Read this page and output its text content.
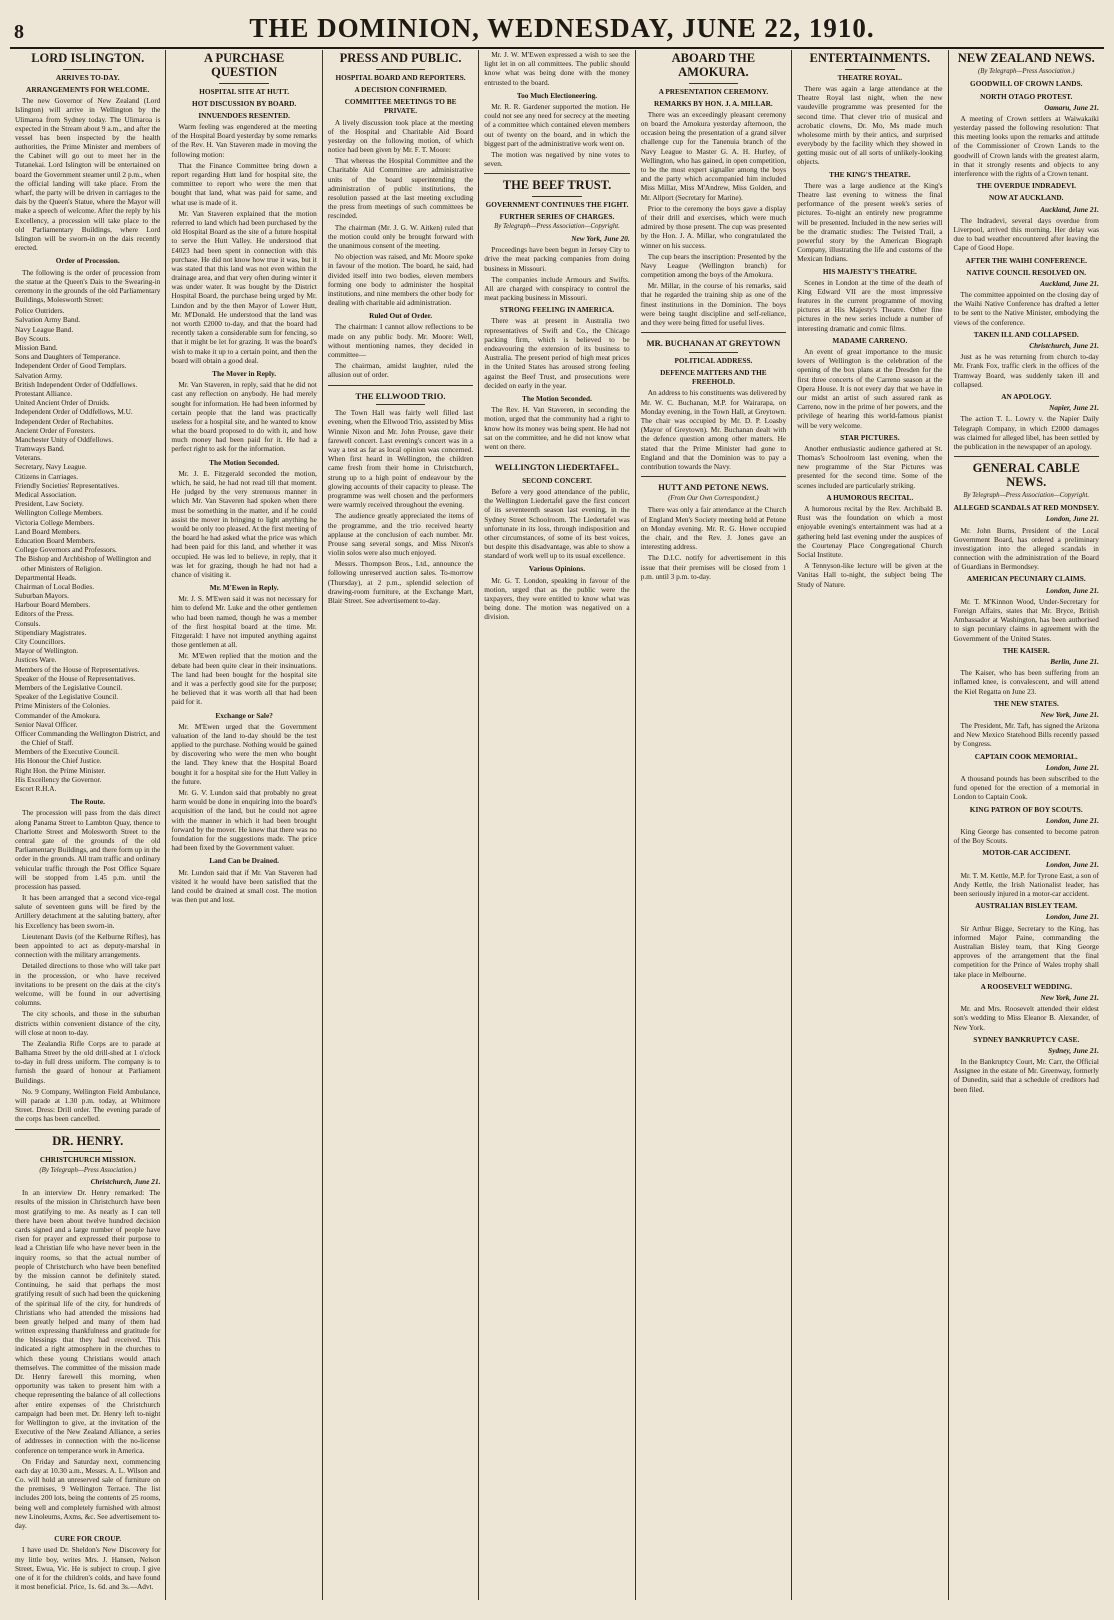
8	THE DOMINION, WEDNESDAY, JUNE 22, 1910.
LORD ISLINGTON.
ARRIVES TO-DAY.
ARRANGEMENTS FOR WELCOME.

The new Governor of New Zealand (Lord Islington) will arrive in Wellington by the Ulimaroa from Sydney today. The Ulimaroa is expected in the Stream about 9 a.m., and after the vessel has been inspected by the health authorities, the Prime Minister and members of the Cabinet will go out to meet her in the Tutanekai. Lord Islington will be entertained on board the Government steamer until 2 p.m., when the official landing will take place. From the wharf, the party will be driven in carriages to the dais by the Queen's Statue, where the Mayor will make a speech of welcome. After the reply by his Excellency, a procession will take place to the old Parliamentary Buildings, where Lord Islington will be sworn-in on the dais recently erected.

Order of Procession.

The following is the order of procession from the statue at the Queen's Dais to the Swearing-in ceremony in the grounds of the old Parliamentary Buildings, Molesworth Street:

Police Outriders.
Salvation Army Band.
Navy League Band.
Boy Scouts.
Mission Band.
Sons and Daughters of Temperance.
Independent Order of Good Templars.
Salvation Army.
British Independent Order of Oddfellows.
Protestant Alliance.
United Ancient Order of Druids.
Independent Order of Oddfellows, M.U.
Independent Order of Rechabites.
Ancient Order of Foresters.
Manchester Unity of Oddfellows.
Tramways Band.
Veterans.
Secretary, Navy League.
Citizens in Carriages.
Friendly Societies' Representatives.
Medical Association.
President, Law Society.
Wellington College Members.
Victoria College Members.
Land Board Members.
Education Board Members.
College Governors and Professors.
The Bishop and Archbishop of Wellington and other Ministers of Religion.
Departmental Heads.
Chairman of Local Bodies.
Suburban Mayors.
Harbour Board Members.
Editors of the Press.
Consuls.
Stipendiary Magistrates.
City Councillors.
Mayor of Wellington.
Justices Ware.
Members of the House of Representatives.
Speaker of the House of Representatives.
Members of the Legislative Council.
Speaker of the Legislative Council.
Prime Ministers of the Colonies.
Commander of the Amokura.
Senior Naval Officer.
Officer Commanding the Wellington District, and the Chief of Staff.
Members of the Executive Council.
His Honour the Chief Justice.
Right Hon. the Prime Minister.
His Excellency the Governor.
Escort R.H.A.
The Route.

The procession will pass from the dais direct along Panama Street to Lambton Quay, thence to Charlotte Street and Molesworth Street to the central gate of the grounds of the old Parliamentary Buildings, and there form up in the order in the grounds. All tram traffic and ordinary vehicular traffic through the Post Office Square will be stopped from 1.45 p.m. until the procession has passed.

It has been arranged that a second vice-regal salute of seventeen guns will be fired by the Artillery detachment at the saluting battery, after his Excellency has been sworn-in.

Lieutenant Davis (of the Kelburne Rifles), has been appointed to act as deputy-marshal in connection with the military arrangements.

Detailed directions to those who will take part in the procession, or who have received invitations to be present on the dais at the city's welcome, will be found in our advertising columns.

The city schools, and those in the suburban districts within convenient distance of the city, will close at noon to-day.

The Zealandia Rifle Corps are to parade at Balhama Street by the old drill-shed at 1 o'clock to-day in full dress uniform. The company is to furnish the guard of honour at Parliament Buildings.

No. 9 Company, Wellington Field Ambulance, will parade at 1.30 p.m. today, at Whitmore Street. Dress: Drill order. The evening parade of the corps has been cancelled.

DR. HENRY.
CHRISTCHURCH MISSION.
(By Telegraph—Press Association.)
Christchurch, June 21.

In an interview Dr. Henry remarked: The results of the mission in Christchurch have been most gratifying to me. As nearly as I can tell there have been about twelve hundred decision cards signed and a large number of people have risen for prayer and expressed their purpose to lead a Christian life who have never been in the inquiry rooms, so that the actual number of people of Christchurch who have been benefited by the mission cannot be definitely stated. Continuing, he said that perhaps the most gratifying result of such had been the quickening of the spiritual life of the city, for hundreds of Christians who had attended the missions had been greatly helped and many of them had written expressing thankfulness and gratitude for the blessings that they had received. This indicated a right atmosphere in the churches to which these young Christians would attach themselves. The committee of the mission made Dr. Henry farewell this morning, when opportunity was taken to present him with a cheque representing the balance of all collections after entire expenses of the Christchurch campaign had been met. Dr. Henry left to-night for Wellington to give, at the invitation of the Executive of the New Zealand Alliance, a series of addresses in connection with the no-license conference on temperance work in America.

On Friday and Saturday next, commencing each day at 10.30 a.m., Messrs. A. L. Wilson and Co. will hold an unreserved sale of furniture on the premises, 9 Wellington Terrace. The list includes 200 lots, being the contents of 25 rooms, being well and completely furnished with almost new Linoleums, Axms, &c. See advertisement to-day.

CURE FOR CROUP.

I have used Dr. Sheldon's New Discovery for my little boy, writes Mrs. J. Hansen, Nelson Street, Ewua, Vic. He is subject to croup. I give one of it for the children's colds, and have found it most beneficial. Price, 1s. 6d. and 3s.—Advt.

A PURCHASE QUESTION
HOSPITAL SITE AT HUTT.
HOT DISCUSSION BY BOARD.
INNUENDOES RESENTED.

Warm feeling was engendered at the meeting of the Hospital Board yesterday by some remarks of the Rev. H. Van Staveren made in moving the following motion:

That the Finance Committee bring down a report regarding Hutt land for hospital site, the committee to report who were the men that bought that land, what was paid for same, and what use is made of it.

Mr. Van Staveren explained that the motion referred to land which had been purchased by the old Hospital Board as the site of a future hospital to serve the Hutt Valley. He understood that £4023 had been spent in connection with this purchase. He did not know how true it was, but it was stated that this land was not even within the drainage area, and that very often during winter it was under water. It was bought by the District Hospital Board, the purchase being urged by Mr. Lundon and by the then Mayor of Lower Hutt, Mr. M'Donald. He understood that the land was not worth £2000 to-day, and that the board had recently taken a considerable sum for fencing, so that it might be let for grazing. It was the board's wish to make it up to a certain point, and then the board will obtain a good deal.

The Mover in Reply.

Mr. Van Staveren, in reply, said that he did not cast any reflection on anybody. He had merely sought for information. He had been informed by certain people that the land was practically useless for a hospital site, and he wanted to know what the board proposed to do with it, and how much money had been paid for it. He had a perfect right to ask for the information.

The Motion Seconded.

Mr. J. E. Fitzgerald seconded the motion, which, he said, he had not read till that moment. He judged by the very strenuous manner in which Mr. Van Staveren had spoken when there must be something in the matter, and if he could assist the mover in bringing to light anything he would be only too pleased. At the first meeting of the board he had asked what the price was which had been paid for this land, and whether it was occupied. He was led to believe, in reply, that it was let for grazing, though he had not had a chance of visiting it.

Mr. M'Ewen in Reply.

Mr. J. S. M'Ewen said it was not necessary for him to defend Mr. Luke and the other gentlemen who had been named, though he was a member of the first hospital board at the time. Mr. Fitzgerald: I have not imputed anything against those gentlemen at all.

Mr. M'Ewen replied that the motion and the debate had been quite clear in their insinuations. The land had been bought for the hospital site and it was a perfectly good site for the purpose; he believed that it was worth all that had been paid for it.

Exchange or Sale?

Mr. M'Ewen urged that the Government valuation of the land to-day should be the test applied to the purchase. Nothing would be gained by discovering who were the men who bought the land. They knew that the Hospital Board bought it for a hospital site for the Hutt Valley in the future.

Mr. G. V. Lundon said that probably no great harm would be done in enquiring into the board's acquisition of the land, but he could not agree with the manner in which it had been brought forward by the mover. He knew that there was no foundation for the suggestions made. The price had been fixed by the Government valuer.

Land Can be Drained.

Mr. Lundon said that if Mr. Van Staveren had visited it he would have been satisfied that the land could be drained at small cost. The motion was then put and lost.

PRESS AND PUBLIC.
HOSPITAL BOARD AND REPORTERS.
A DECISION CONFIRMED.
COMMITTEE MEETINGS TO BE PRIVATE.

A lively discussion took place at the meeting of the Hospital and Charitable Aid Board yesterday on the following motion, of which notice had been given by Mr. F. T. Moore:

That whereas the Hospital Committee and the Charitable Aid Committee are administrative units of the board superintending the administration of public institutions, the resolution passed at the last meeting excluding the press from meetings of such committees be rescinded.

The chairman (Mr. J. G. W. Aitken) ruled that the motion could only be brought forward with the unanimous consent of the meeting.

No objection was raised, and Mr. Moore spoke in favour of the motion. The board, he said, had divided itself into two bodies, eleven members forming one body to administer the hospital institutions, and nine members the other body for dealing with charitable aid administration.

Ruled Out of Order.

The chairman: I cannot allow reflections to be made on any public body. Mr. Moore: Well, without mentioning names, they decided in committee—

The chairman, amidst laughter, ruled the allusion out of order.

THE ELLWOOD TRIO.

The Town Hall was fairly well filled last evening, when the Ellwood Trio, assisted by Miss Winnie Nixon and Mr. John Prouse, gave their farewell concert. Last evening's concert was in a way a test as far as local opinion was concerned. When first heard in Wellington, the children came fresh from their home in Christchurch, strung up to a high point of endeavour by the glowing accounts of their capacity to please. The programme was well chosen and the performers were warmly received throughout the evening.

The audience greatly appreciated the items of the programme, and the trio received hearty applause at the conclusion of each number. Mr. Prouse sang several songs, and Miss Nixon's violin solos were also much enjoyed.

Messrs. Thompson Bros., Ltd., announce the following unreserved auction sales. To-morrow (Thursday), at 2 p.m., splendid selection of drawing-room furniture, at the Exchange Mart, Blair Street. See advertisement to-day.

Mr. J. W. M'Ewen expressed a wish to see the light let in on all committees. The public should know what was being done with the money entrusted to the board.

Too Much Electioneering.

Mr. R. R. Gardener supported the motion. He could not see any need for secrecy at the meeting of a committee which contained eleven members out of twenty on the board, and in which the biggest part of the administrative work went on.

The motion was negatived by nine votes to seven.

THE BEEF TRUST.
GOVERNMENT CONTINUES THE FIGHT.
FURTHER SERIES OF CHARGES.
By Telegraph—Press Association—Copyright.
New York, June 20.

Proceedings have been begun in Jersey City to drive the meat packing companies from doing business in Missouri.

The companies include Armours and Swifts. All are charged with conspiracy to control the meat packing business in Missouri.

STRONG FEELING IN AMERICA.

There was at present in Australia two representatives of Swift and Co., the Chicago packing firm, which is believed to be endeavouring the extension of its business to Australia. The present period of high meat prices in the United States has aroused strong feeling against the Beef Trust, and prosecutions were decided on early in the year.

The Motion Seconded.

The Rev. H. Van Staveren, in seconding the motion, urged that the community had a right to know how its money was being spent. He had not sat on the committee, and he did not know what went on there.

WELLINGTON LIEDERTAFEL.
SECOND CONCERT.

Before a very good attendance of the public, the Wellington Liedertafel gave the first concert of its seventeenth season last evening, in the Sydney Street Schoolroom. The Liedertafel was unfortunate in its loss, through indisposition and other circumstances, of some of its best voices, but despite this disadvantage, was able to show a standard of work well up to its usual excellence.

Various Opinions.

Mr. G. T. London, speaking in favour of the motion, urged that as the public were the taxpayers, they were entitled to know what was being done. The motion was negatived on a division.

ABOARD THE AMOKURA.
A PRESENTATION CEREMONY.
REMARKS BY HON. J. A. MILLAR.

There was an exceedingly pleasant ceremony on board the Amokura yesterday afternoon, the occasion being the presentation of a grand silver challenge cup for the Tanenuia branch of the Navy League to Master G. A. H. Hurley, of Wellington, who has gained, in open competition, to be the most expert signaller among the boys and the party which accompanied him included Miss Millar, Miss M'Andrew, Miss Golden, and Mr. Allport (Secretary for Marine).

Prior to the ceremony the boys gave a display of their drill and exercises, which were much admired by those present. The cup was presented by the Hon. J. A. Millar, who congratulated the winner on his success.

The cup bears the inscription: Presented by the Navy League (Wellington branch) for competition among the boys of the Amokura.

Mr. Millar, in the course of his remarks, said that he regarded the training ship as one of the finest institutions in the Dominion. The boys were being taught discipline and self-reliance, and they were being fitted for useful lives.

MR. BUCHANAN AT GREYTOWN
POLITICAL ADDRESS.
DEFENCE MATTERS AND THE FREEHOLD.

An address to his constituents was delivered by Mr. W. C. Buchanan, M.P. for Wairarapa, on Monday evening, in the Town Hall, at Greytown. The chair was occupied by Mr. D. P. Loasby (Mayor of Greytown). Mr. Buchanan dealt with the defence question among other matters. He stated that the Prime Minister had gone to England and that the Dominion was to pay a contribution towards the Navy.

HUTT AND PETONE NEWS.
(From Our Own Correspondent.)

There was only a fair attendance at the Church of England Men's Society meeting held at Petone on Monday evening. Mr. R. G. Howe occupied the chair, and the Rev. J. Jones gave an interesting address.

The D.I.C. notify for advertisement in this issue that their premises will be closed from 1 p.m. until 3 p.m. to-day.

ENTERTAINMENTS.
THEATRE ROYAL.

There was again a large attendance at the Theatre Royal last night, when the new vaudeville programme was presented for the second time. That clever trio of musical and acrobatic clowns, Dr. Mo, Ms made much wholesome mirth by their antics, and surprised everybody by the facility which they showed in getting music out of all sorts of unlikely-looking objects.

THE KING'S THEATRE.

There was a large audience at the King's Theatre last evening to witness the final performance of the present week's series of pictures. To-night an entirely new programme will be presented. Included in the new series will be the dramatic studies: The Twisted Trail, a powerful story by the American Biograph Company, illustrating the life and customs of the Mexican Indians.

HIS MAJESTY'S THEATRE.

Scenes in London at the time of the death of King Edward VII are the most impressive features in the current programme of moving pictures at His Majesty's Theatre. Other fine pictures in the new series include a number of interesting dramatic and comic films.

MADAME CARRENO.

An event of great importance to the music lovers of Wellington is the celebration of the opening of the box plans at the Dresden for the first three concerts of the Carreno season at the Opera House. It is not every day that we have in our midst an artist of such assured rank as Carreno, now in the prime of her powers, and the privilege of hearing this world-famous pianist will be very welcome.

STAR PICTURES.

Another enthusiastic audience gathered at St. Thomas's Schoolroom last evening, when the new programme of the Star Pictures was presented for the second time. Some of the scenes included are particularly striking.

A HUMOROUS RECITAL.

A humorous recital by the Rev. Archibald B. Rust was the foundation on which a most enjoyable evening's entertainment was had at a gathering held last evening under the auspices of the Courtenay Place Congregational Church Social Institute.

A Tennyson-like lecture will be given at the Vanitas Hall to-night, the subject being The Study of Nature.

NEW ZEALAND NEWS.
(By Telegraph—Press Association.)
GOODWILL OF CROWN LANDS.
NORTH OTAGO PROTEST.
Oamaru, June 21.

A meeting of Crown settlers at Waiwakaiki yesterday passed the following resolution: That this meeting looks upon the remarks and attitude of the Commissioner of Crown Lands to the goodwill of Crown lands with the greatest alarm, in that it strongly resents and objects to any interference with the rights of a Crown tenant.

THE OVERDUE INDRADEVI.
NOW AT AUCKLAND.
Auckland, June 21.

The Indradevi, several days overdue from Liverpool, arrived this morning. Her delay was due to bad weather encountered after leaving the Cape of Good Hope.

AFTER THE WAIHI CONFERENCE.
NATIVE COUNCIL RESOLVED ON.
Auckland, June 21.

The committee appointed on the closing day of the Waihi Native Conference has drafted a letter to be sent to the Native Minister, embodying the views of the conference.

TAKEN ILL AND COLLAPSED.
Christchurch, June 21.

Just as he was returning from church to-day Mr. Frank Fox, traffic clerk in the offices of the Tramway Board, was suddenly taken ill and collapsed.

AN APOLOGY.
Napier, June 21.

The action T. L. Lowry v. the Napier Daily Telegraph Company, in which £2000 damages was claimed for alleged libel, has been settled by the publication in the newspaper of an apology.

GENERAL CABLE NEWS.
By Telegraph—Press Association—Copyright.
ALLEGED SCANDALS AT RED MONDSEY.
London, June 21.

Mr. John Burns, President of the Local Government Board, has ordered a preliminary investigation into the alleged scandals in connection with the administration of the Board of Guardians in Bermondsey.

AMERICAN PECUNIARY CLAIMS.
London, June 21.

Mr. T. M'Kinnon Wood, Under-Secretary for Foreign Affairs, states that Mr. Bryce, British Ambassador at Washington, has been authorised to sign pecuniary claims in agreement with the Government of the United States.

THE KAISER.
Berlin, June 21.

The Kaiser, who has been suffering from an inflamed knee, is convalescent, and will attend the Kiel Regatta on June 23.

THE NEW STATES.
New York, June 21.

The President, Mr. Taft, has signed the Arizona and New Mexico Statehood Bills recently passed by Congress.

CAPTAIN COOK MEMORIAL.
London, June 21.

A thousand pounds has been subscribed to the fund opened for the erection of a memorial in London to Captain Cook.

KING PATRON OF BOY SCOUTS.
London, June 21.

King George has consented to become patron of the Boy Scouts.

MOTOR-CAR ACCIDENT.
London, June 21.

Mr. T. M. Kettle, M.P. for Tyrone East, a son of Andy Kettle, the Irish Nationalist leader, has been seriously injured in a motor-car accident.

AUSTRALIAN BISLEY TEAM.
London, June 21.

Sir Arthur Bigge, Secretary to the King, has informed Major Paine, commanding the Australian Bisley team, that King George approves of the arrangement that the final competition for the Prince of Wales trophy shall take place in Melbourne.

A ROOSEVELT WEDDING.
New York, June 21.

Mr. and Mrs. Roosevelt attended their eldest son's wedding to Miss Eleanor B. Alexander, of New York.

SYDNEY BANKRUPTCY CASE.
Sydney, June 21.

In the Bankruptcy Court, Mr. Carr, the Official Assignee in the estate of Mr. Greenway, formerly of Dunedin, said that a schedule of creditors had been filed.
